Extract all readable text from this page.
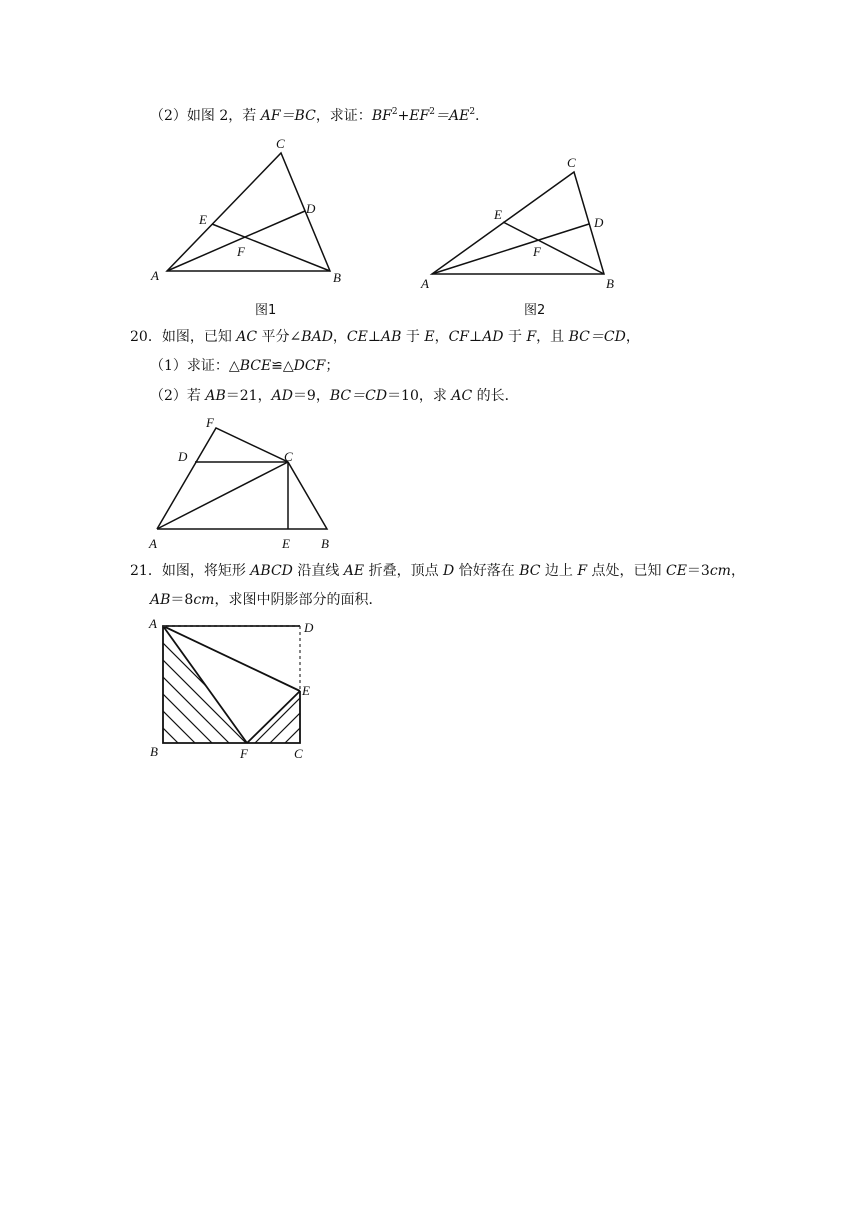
（2）如图 2，若 AF＝BC，求证：$BF^2+EF^2=AE^2$.
A	B
C
D
E
F
图1
A	B
C
D
E
F
图2
20．如图，已知 AC 平分∠BAD，CE⊥AB 于 E，CF⊥AD 于 F，且 BC＝CD，
（1）求证：△BCE≌△DCF；
（2）若 AB＝21，AD＝9，BC＝CD＝10，求 AC 的长．
A	B
C
D
E
F
21．如图，将矩形 ABCD 沿直线 AE 折叠，顶点 D 恰好落在 BC 边上 F 点处，已知 CE＝3cm，
AB＝8cm，求图中阴影部分的面积．
A
B	C
D
E
F
